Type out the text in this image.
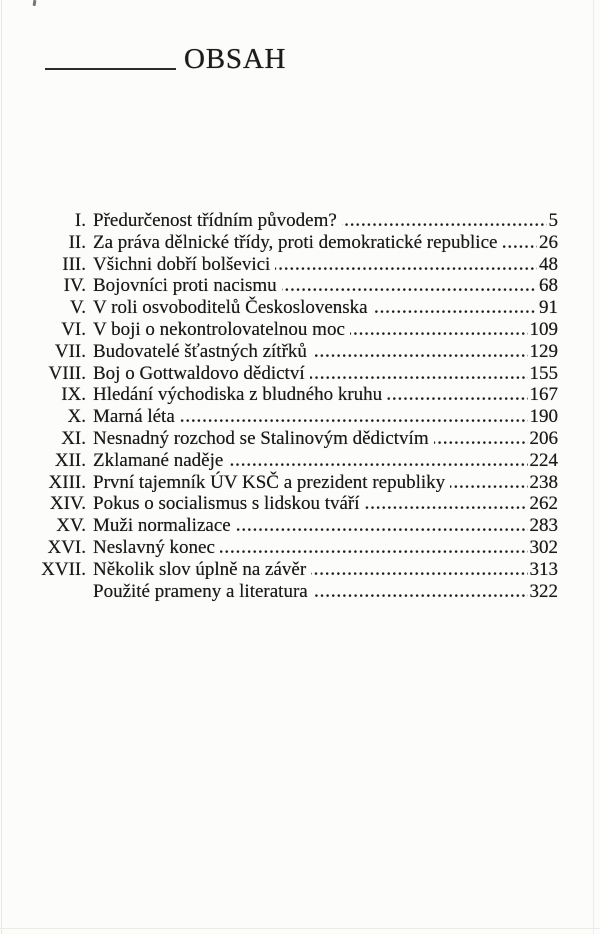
OBSAH
I. Předurčenost třídním původem?	5
II. Za práva dělnické třídy, proti demokratické republice 26
III. Všichni dobří bolševici	48
IV. Bojovníci proti nacismu	68
V. V roli osvoboditelů Československa	91
VI. V boji o nekontrolovatelnou moc	109
VII. Budovatelé šťastných zítřků	129
VIII. Boj o Gottwaldovo dědictví	155
IX. Hledání východiska z bludného kruhu	167
X. Marná léta	190
XI. Nesnadný rozchod se Stalinovým dědictvím	206
XII. Zklamané naděje	224
XIII. První tajemník ÚV KSČ a prezident republiky	238
XIV. Pokus o socialismus s lidskou tváří	262
XV. Muži normalizace	283
XVI. Neslavný konec	302
XVII. Několik slov úplně na závěr	313
Použité prameny a literatura	322
